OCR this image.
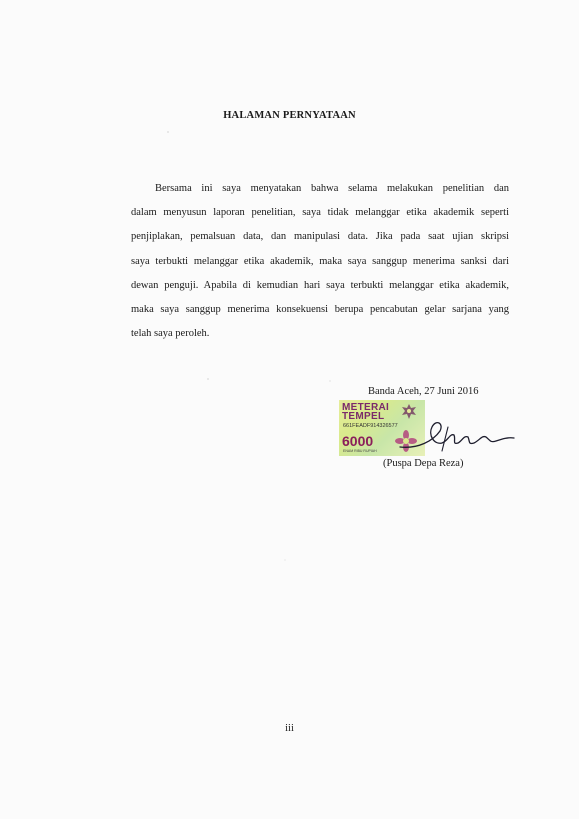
HALAMAN PERNYATAAN

Bersama ini saya menyatakan bahwa selama melakukan penelitian dan
dalam menyusun laporan penelitian, saya tidak melanggar etika akademik seperti
penjiplakan, pemalsuan data, dan manipulasi data. Jika pada saat ujian skripsi
saya terbukti melanggar etika akademik, maka saya sanggup menerima sanksi dari
dewan penguji. Apabila di kemudian hari saya terbukti melanggar etika akademik,
maka saya sanggup menerima konsekuensi berupa pencabutan gelar sarjana yang
telah saya peroleh.

Banda Aceh, 27 Juni 2016
METERAI
TEMPEL
661FEADF914326577
6000
ENAM RIBU RUPIAH
(Puspa Depa Reza)
iii
